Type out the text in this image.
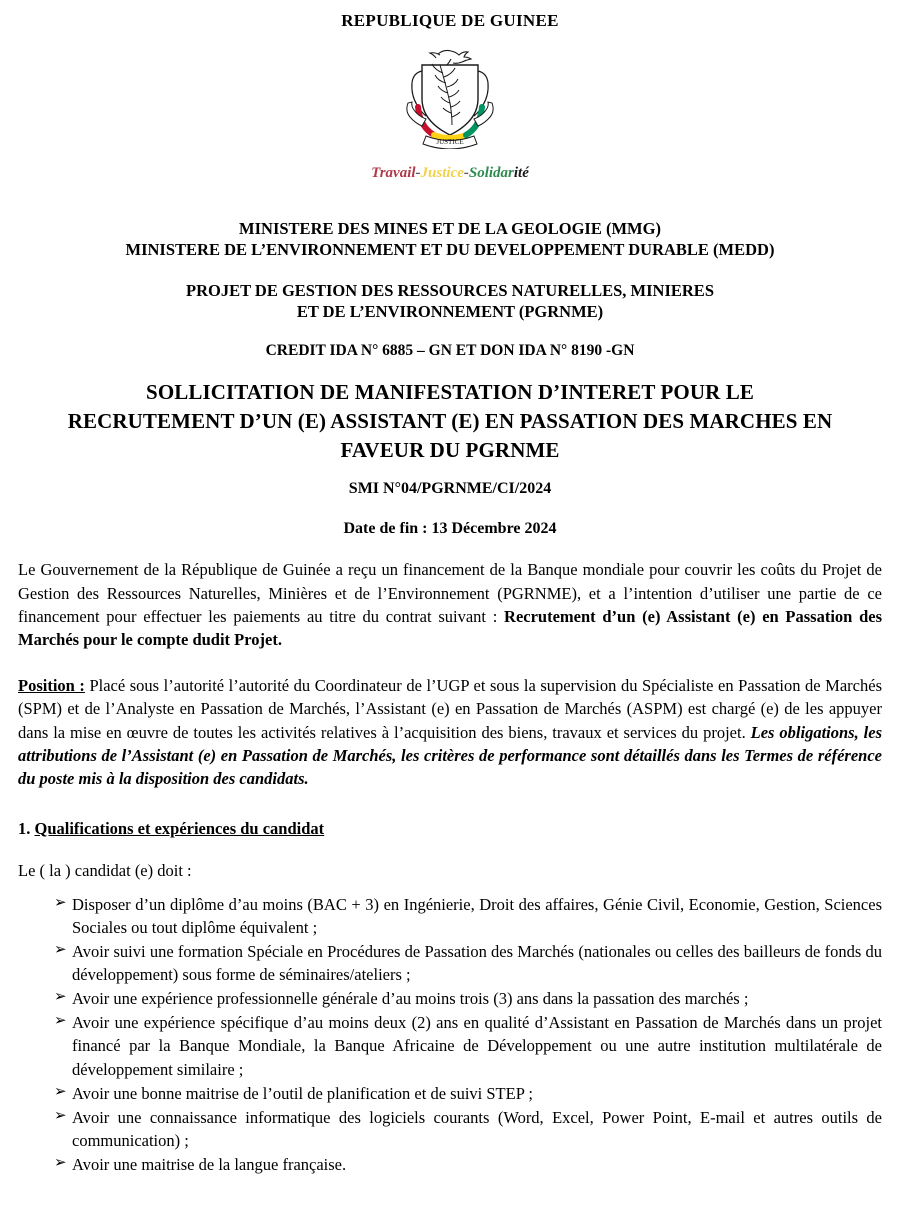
REPUBLIQUE DE GUINEE
JUSTICE
Travail-Justice-Solidarité
MINISTERE DES MINES ET DE LA GEOLOGIE (MMG)
MINISTERE DE L’ENVIRONNEMENT ET DU DEVELOPPEMENT DURABLE (MEDD)
PROJET DE GESTION DES RESSOURCES NATURELLES, MINIERES
ET DE L’ENVIRONNEMENT (PGRNME)
CREDIT IDA N° 6885 – GN ET DON IDA N° 8190 -GN
SOLLICITATION DE MANIFESTATION D’INTERET POUR LE
RECRUTEMENT D’UN (E) ASSISTANT (E) EN PASSATION DES MARCHES EN
FAVEUR DU PGRNME
SMI N°04/PGRNME/CI/2024
Date de fin : 13 Décembre 2024

Le Gouvernement de la République de Guinée a reçu un financement de la Banque mondiale pour couvrir les coûts du Projet de Gestion des Ressources Naturelles, Minières et de l’Environnement (PGRNME), et a l’intention d’utiliser une partie de ce financement pour effectuer les paiements au titre du contrat suivant : Recrutement d’un (e) Assistant (e) en Passation des Marchés pour le compte dudit Projet.

Position : Placé sous l’autorité l’autorité du Coordinateur de l’UGP et sous la supervision du Spécialiste en Passation de Marchés (SPM) et de l’Analyste en Passation de Marchés, l’Assistant (e) en Passation de Marchés (ASPM) est chargé (e) de les appuyer dans la mise en œuvre de toutes les activités relatives à l’acquisition des biens, travaux et services du projet. Les obligations, les attributions de l’Assistant (e) en Passation de Marchés, les critères de performance sont détaillés dans les Termes de référence du poste mis à la disposition des candidats.

1. Qualifications et expériences du candidat
Le ( la ) candidat (e) doit :
➢ Disposer d’un diplôme d’au moins (BAC + 3) en Ingénierie, Droit des affaires, Génie Civil, Economie, Gestion, Sciences Sociales ou tout diplôme équivalent ;
➢ Avoir suivi une formation Spéciale en Procédures de Passation des Marchés (nationales ou celles des bailleurs de fonds du développement) sous forme de séminaires/ateliers ;
➢ Avoir une expérience professionnelle générale d’au moins trois (3) ans dans la passation des marchés ;
➢ Avoir une expérience spécifique d’au moins deux (2) ans en qualité d’Assistant en Passation de Marchés dans un projet financé par la Banque Mondiale, la Banque Africaine de Développement ou une autre institution multilatérale de développement similaire ;
➢ Avoir une bonne maitrise de l’outil de planification et de suivi STEP ;
➢ Avoir une connaissance informatique des logiciels courants (Word, Excel, Power Point, E-mail et autres outils de communication) ;
➢ Avoir une maitrise de la langue française.
